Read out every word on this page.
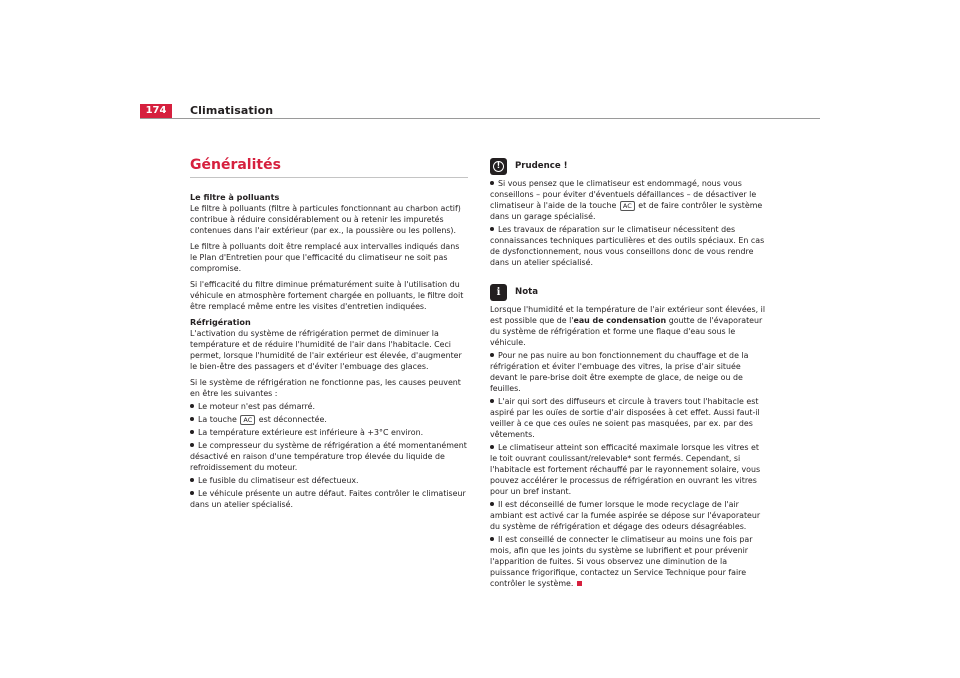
174	Climatisation
Généralités
Le filtre à polluants

Le filtre à polluants (filtre à particules fonctionnant au charbon actif) contribue à réduire considérablement ou à retenir les impuretés contenues dans l'air extérieur (par ex., la poussière ou les pollens).

Le filtre à polluants doit être remplacé aux intervalles indiqués dans le Plan d'Entretien pour que l'efficacité du climatiseur ne soit pas compromise.

Si l'efficacité du filtre diminue prématurément suite à l'utilisation du véhicule en atmosphère fortement chargée en polluants, le filtre doit être remplacé même entre les visites d'entretien indiquées.

Réfrigération

L'activation du système de réfrigération permet de diminuer la température et de réduire l'humidité de l'air dans l'habitacle. Ceci permet, lorsque l'humidité de l'air extérieur est élevée, d'augmenter le bien-être des passagers et d'éviter l'embuage des glaces.

Si le système de réfrigération ne fonctionne pas, les causes peuvent en être les suivantes :

Le moteur n'est pas démarré.
La touche AC est déconnectée.
La température extérieure est inférieure à +3°C environ.
Le compresseur du système de réfrigération a été momentanément désactivé en raison d'une température trop élevée du liquide de refroidissement du moteur.
Le fusible du climatiseur est défectueux.
Le véhicule présente un autre défaut. Faites contrôler le climatiseur dans un atelier spécialisé.
! Prudence !
Si vous pensez que le climatiseur est endommagé, nous vous conseillons – pour éviter d'éventuels défaillances – de désactiver le climatiseur à l'aide de la touche AC et de faire contrôler le système dans un garage spécialisé.
Les travaux de réparation sur le climatiseur nécessitent des connaissances techniques particulières et des outils spéciaux. En cas de dysfonctionnement, nous vous conseillons donc de vous rendre dans un atelier spécialisé.
i Nota

Lorsque l'humidité et la température de l'air extérieur sont élevées, il est possible que de l'eau de condensation goutte de l'évaporateur du système de réfrigération et forme une flaque d'eau sous le véhicule.

Pour ne pas nuire au bon fonctionnement du chauffage et de la réfrigération et éviter l'embuage des vitres, la prise d'air située devant le pare-brise doit être exempte de glace, de neige ou de feuilles.
L'air qui sort des diffuseurs et circule à travers tout l'habitacle est aspiré par les ouïes de sortie d'air disposées à cet effet. Aussi faut-il veiller à ce que ces ouïes ne soient pas masquées, par ex. par des vêtements.
Le climatiseur atteint son efficacité maximale lorsque les vitres et le toit ouvrant coulissant/relevable* sont fermés. Cependant, si l'habitacle est fortement réchauffé par le rayonnement solaire, vous pouvez accélérer le processus de réfrigération en ouvrant les vitres pour un bref instant.
Il est déconseillé de fumer lorsque le mode recyclage de l'air ambiant est activé car la fumée aspirée se dépose sur l'évaporateur du système de réfrigération et dégage des odeurs désagréables.
Il est conseillé de connecter le climatiseur au moins une fois par mois, afin que les joints du système se lubrifient et pour prévenir l'apparition de fuites. Si vous observez une diminution de la puissance frigorifique, contactez un Service Technique pour faire contrôler le système.
